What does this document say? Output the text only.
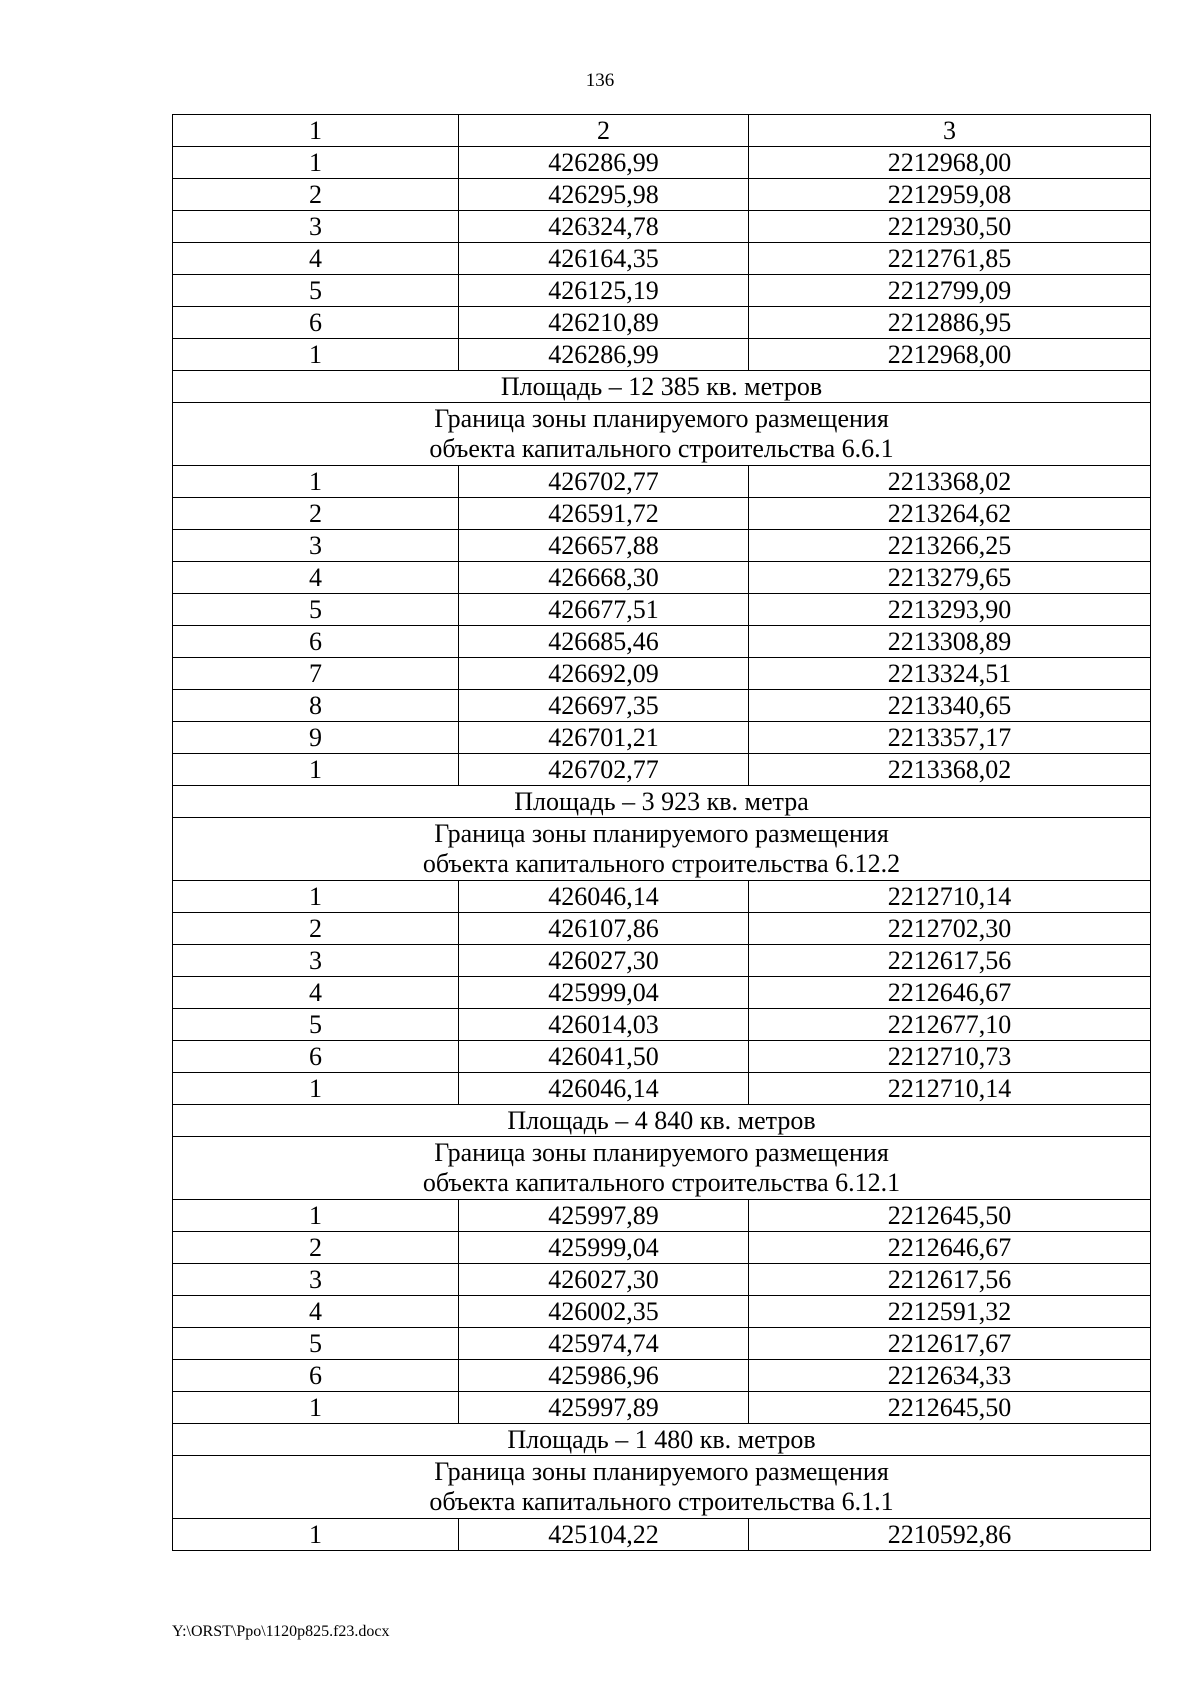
136
1	2	3
1	426286,99	2212968,00
2	426295,98	2212959,08
3	426324,78	2212930,50
4	426164,35	2212761,85
5	426125,19	2212799,09
6	426210,89	2212886,95
1	426286,99	2212968,00
Площадь – 12 385 кв. метров		

Граница зоны планируемого размещения
объекта капитального строительства 6.6.1		

1	426702,77	2213368,02
2	426591,72	2213264,62
3	426657,88	2213266,25
4	426668,30	2213279,65
5	426677,51	2213293,90
6	426685,46	2213308,89
7	426692,09	2213324,51
8	426697,35	2213340,65
9	426701,21	2213357,17
1	426702,77	2213368,02
Площадь – 3 923 кв. метра		

Граница зоны планируемого размещения
объекта капитального строительства 6.12.2		

1	426046,14	2212710,14
2	426107,86	2212702,30
3	426027,30	2212617,56
4	425999,04	2212646,67
5	426014,03	2212677,10
6	426041,50	2212710,73
1	426046,14	2212710,14
Площадь – 4 840 кв. метров		

Граница зоны планируемого размещения
объекта капитального строительства 6.12.1		

1	425997,89	2212645,50
2	425999,04	2212646,67
3	426027,30	2212617,56
4	426002,35	2212591,32
5	425974,74	2212617,67
6	425986,96	2212634,33
1	425997,89	2212645,50
Площадь – 1 480 кв. метров		

Граница зоны планируемого размещения
объекта капитального строительства 6.1.1		

1	425104,22	2210592,86
Y:\ORST\Ppo\1120p825.f23.docx
